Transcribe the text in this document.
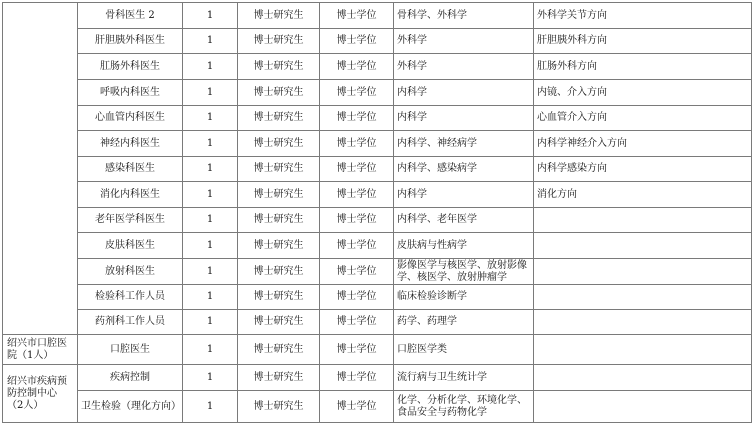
	骨科医生 2	1	博士研究生	博士学位	骨科学、外科学	外科学关节方向
	肝胆胰外科医生	1	博士研究生	博士学位	外科学	肝胆胰外科方向
	肛肠外科医生	1	博士研究生	博士学位	外科学	肛肠外科方向
	呼吸内科医生	1	博士研究生	博士学位	内科学	内镜、介入方向
	心血管内科医生	1	博士研究生	博士学位	内科学	心血管介入方向
	神经内科医生	1	博士研究生	博士学位	内科学、神经病学	内科学神经介入方向
	感染科医生	1	博士研究生	博士学位	内科学、感染病学	内科学感染方向
	消化内科医生	1	博士研究生	博士学位	内科学	消化方向
	老年医学科医生	1	博士研究生	博士学位	内科学、老年医学	
	皮肤科医生	1	博士研究生	博士学位	皮肤病与性病学	
	放射科医生	1	博士研究生	博士学位	影像医学与核医学、放射影像学、核医学、放射肿瘤学	
	检验科工作人员	1	博士研究生	博士学位	临床检验诊断学	
	药剂科工作人员	1	博士研究生	博士学位	药学、药理学	
绍兴市口腔医院（1人）	口腔医生	1	博士研究生	博士学位	口腔医学类	
绍兴市疾病预防控制中心（2人）	疾病控制	1	博士研究生	博士学位	流行病与卫生统计学	
	卫生检验（理化方向）	1	博士研究生	博士学位	化学、分析化学、环境化学、食品安全与药物化学	
